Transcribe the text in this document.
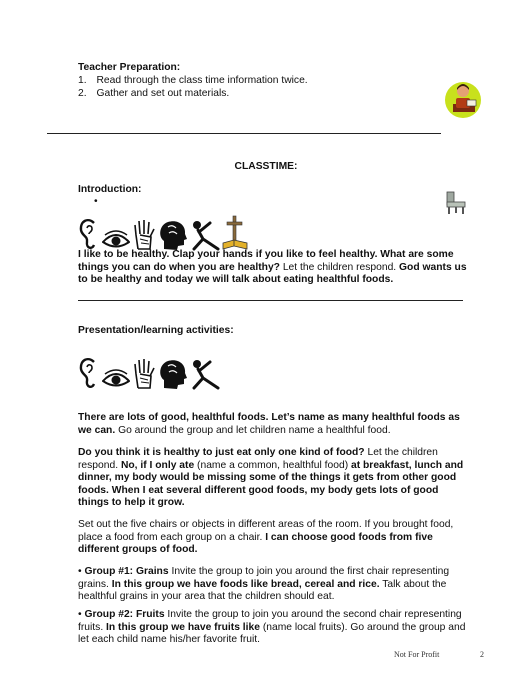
Teacher Preparation:
1. Read through the class time information twice.
2. Gather and set out materials.
CLASSTIME:
Introduction:
•
I like to be healthy. Clap your hands if you like to feel healthy. What are some things you can do when you are healthy? Let the children respond. God wants us to be healthy and today we will talk about eating healthful foods.
Presentation/learning activities:
There are lots of good, healthful foods. Let’s name as many healthful foods as we can. Go around the group and let children name a healthful food.
Do you think it is healthy to just eat only one kind of food? Let the children respond. No, if I only ate (name a common, healthful food) at breakfast, lunch and dinner, my body would be missing some of the things it gets from other good foods. When I eat several different good foods, my body gets lots of good things to help it grow.
Set out the five chairs or objects in different areas of the room. If you brought food, place a food from each group on a chair. I can choose good foods from five different groups of food.
• Group #1: Grains Invite the group to join you around the first chair representing grains. In this group we have foods like bread, cereal and rice. Talk about the healthful grains in your area that the children should eat.
• Group #2: Fruits Invite the group to join you around the second chair representing fruits. In this group we have fruits like (name local fruits). Go around the group and let each child name his/her favorite fruit.
Not For Profit	2
